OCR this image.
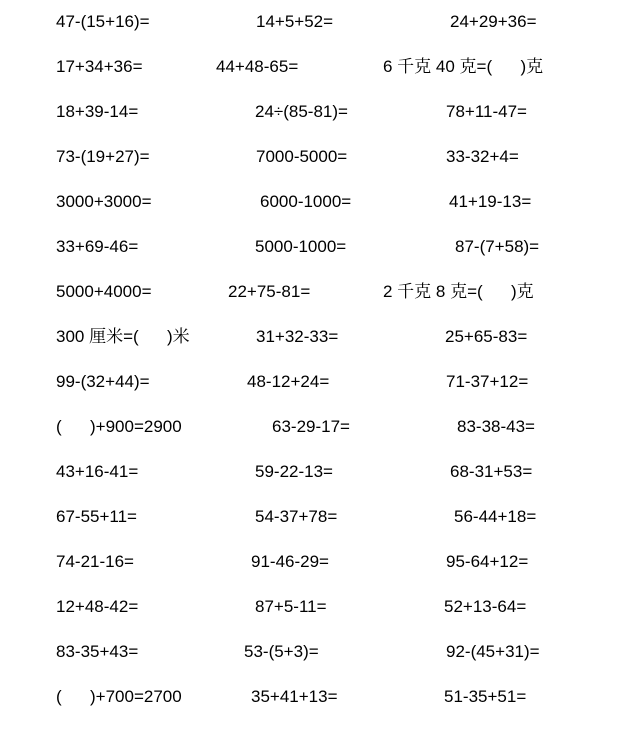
47-(15+16)=	14+5+52=	24+29+36=
17+34+36=	44+48-65=	6 千克 40 克=(      )克
18+39-14=	24÷(85-81)=	78+11-47=
73-(19+27)=	7000-5000=	33-32+4=
3000+3000=	6000-1000=	41+19-13=
33+69-46=	5000-1000=	87-(7+58)=
5000+4000=	22+75-81=	2 千克 8 克=(      )克
300 厘米=(      )米	31+32-33=	25+65-83=
99-(32+44)=	48-12+24=	71-37+12=
(      )+900=2900	63-29-17=	83-38-43=
43+16-41=	59-22-13=	68-31+53=
67-55+11=	54-37+78=	56-44+18=
74-21-16=	91-46-29=	95-64+12=
12+48-42=	87+5-11=	52+13-64=
83-35+43=	53-(5+3)=	92-(45+31)=
(      )+700=2700	35+41+13=	51-35+51=
